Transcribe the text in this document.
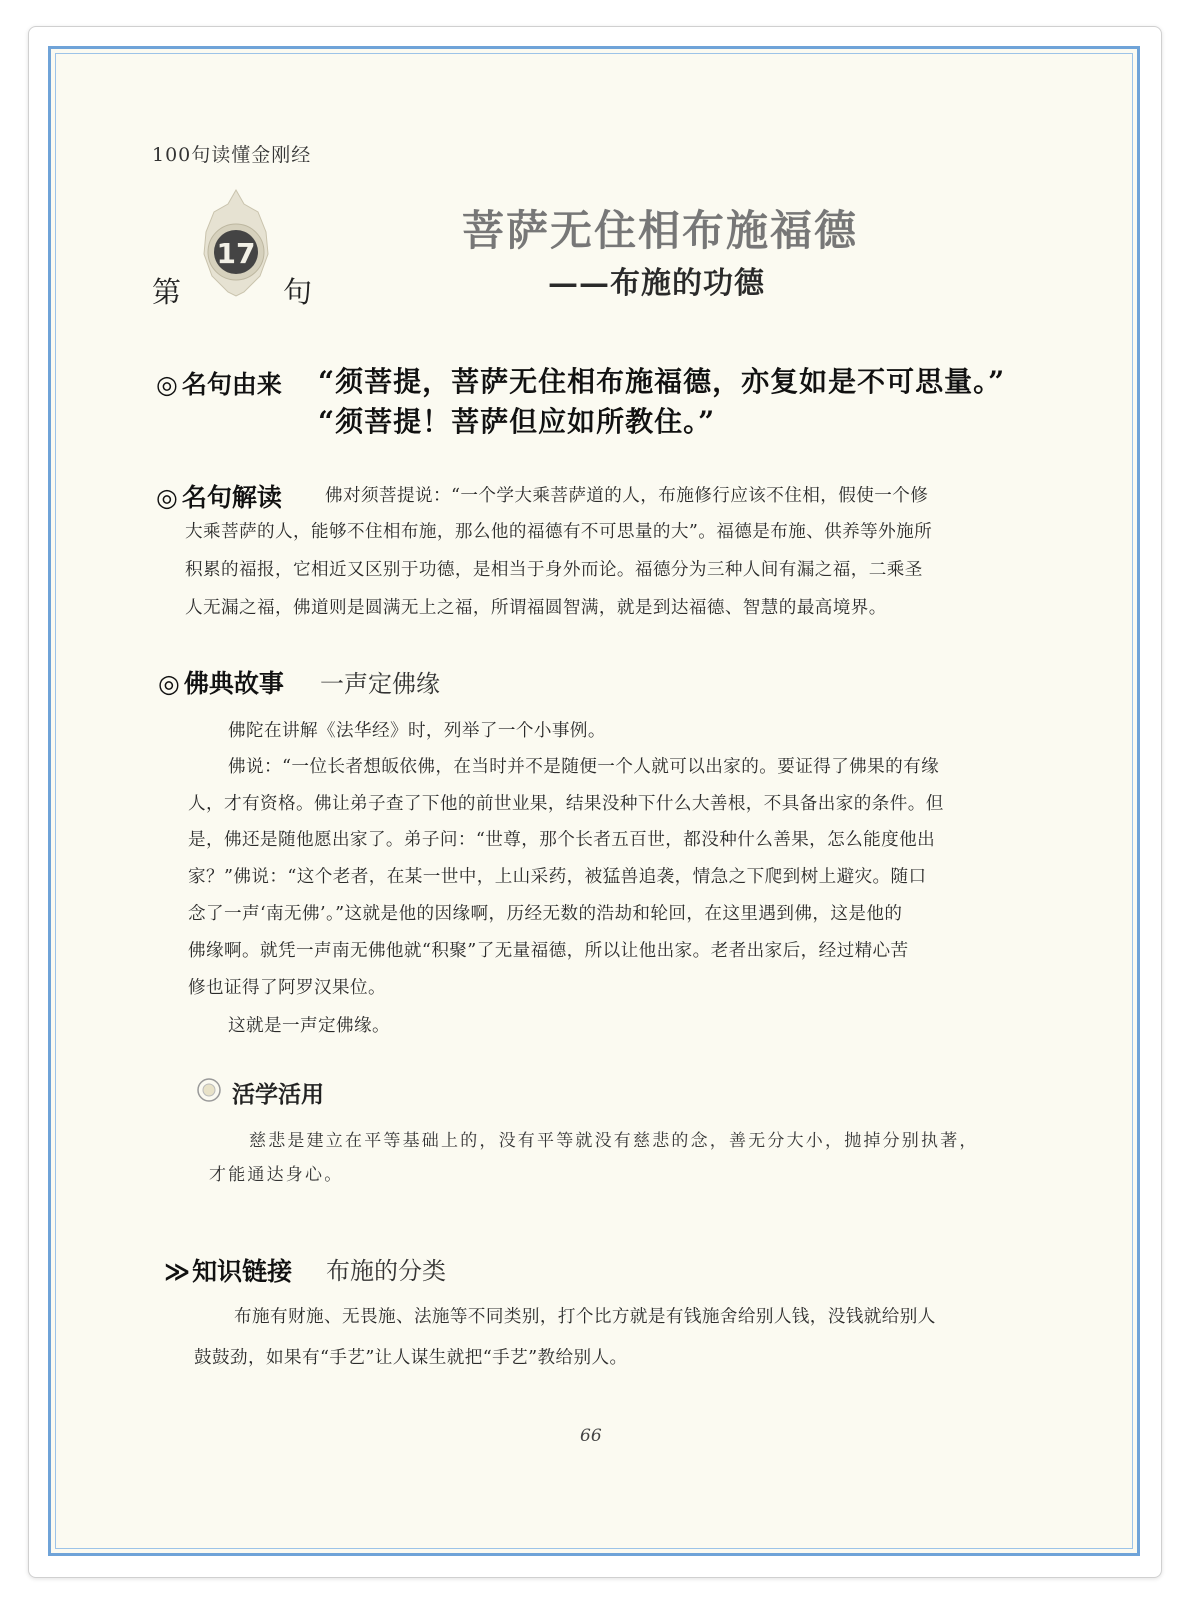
100句读懂金刚经
第
17
句
菩萨无住相布施福德
——布施的功德
◎ 名句由来 “须菩提，菩萨无住相布施福德，亦复如是不可思量。”
“须菩提！菩萨但应如所教住。”
◎ 名句解读 佛对须菩提说：“一个学大乘菩萨道的人，布施修行应该不住相，假使一个修
大乘菩萨的人，能够不住相布施，那么他的福德有不可思量的大”。福德是布施、供养等外施所
积累的福报，它相近又区别于功德，是相当于身外而论。福德分为三种人间有漏之福，二乘圣
人无漏之福，佛道则是圆满无上之福，所谓福圆智满，就是到达福德、智慧的最高境界。
◎ 佛典故事 一声定佛缘
佛陀在讲解《法华经》时，列举了一个小事例。
佛说：“一位长者想皈依佛，在当时并不是随便一个人就可以出家的。要证得了佛果的有缘
人，才有资格。佛让弟子查了下他的前世业果，结果没种下什么大善根，不具备出家的条件。但
是，佛还是随他愿出家了。弟子问：“世尊，那个长者五百世，都没种什么善果，怎么能度他出
家？”佛说：“这个老者，在某一世中，上山采药，被猛兽追袭，情急之下爬到树上避灾。随口
念了一声‘南无佛’。”这就是他的因缘啊，历经无数的浩劫和轮回，在这里遇到佛，这是他的
佛缘啊。就凭一声南无佛他就“积聚”了无量福德，所以让他出家。老者出家后，经过精心苦
修也证得了阿罗汉果位。
这就是一声定佛缘。
活学活用
慈悲是建立在平等基础上的，没有平等就没有慈悲的念，善无分大小，抛掉分别执著，
才能通达身心。
≫知识链接 布施的分类
布施有财施、无畏施、法施等不同类别，打个比方就是有钱施舍给别人钱，没钱就给别人
鼓鼓劲，如果有“手艺”让人谋生就把“手艺”教给别人。
66
